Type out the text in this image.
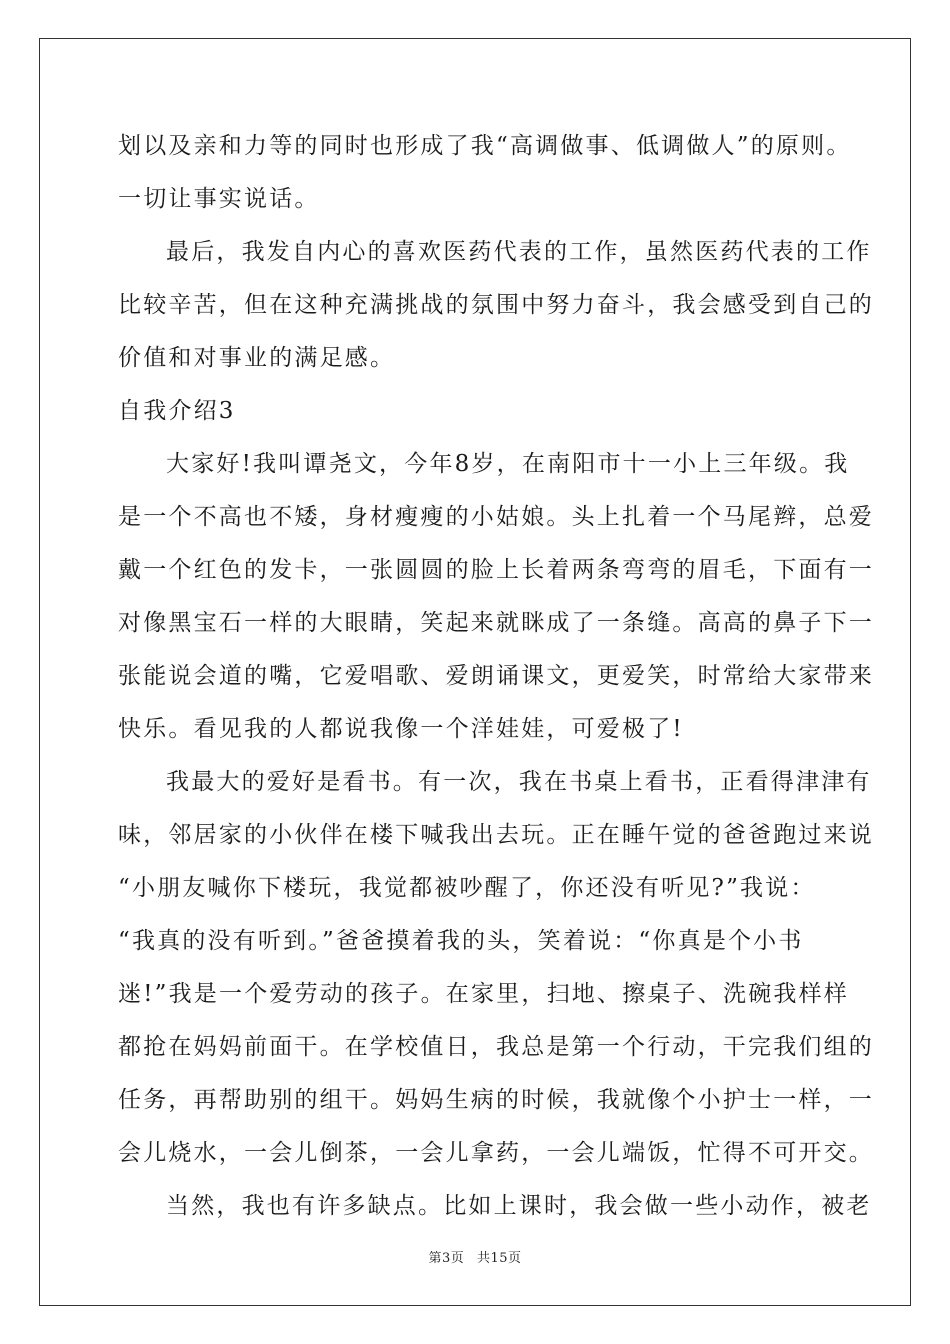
划以及亲和力等的同时也形成了我“高调做事、低调做人”的原则。
一切让事实说话。
最后，我发自内心的喜欢医药代表的工作，虽然医药代表的工作
比较辛苦，但在这种充满挑战的氛围中努力奋斗，我会感受到自己的
价值和对事业的满足感。
自我介绍3
大家好!我叫谭尧文，今年8岁，在南阳市十一小上三年级。我
是一个不高也不矮，身材瘦瘦的小姑娘。头上扎着一个马尾辫，总爱
戴一个红色的发卡，一张圆圆的脸上长着两条弯弯的眉毛，下面有一
对像黑宝石一样的大眼睛，笑起来就眯成了一条缝。高高的鼻子下一
张能说会道的嘴，它爱唱歌、爱朗诵课文，更爱笑，时常给大家带来
快乐。看见我的人都说我像一个洋娃娃，可爱极了!
我最大的爱好是看书。有一次，我在书桌上看书，正看得津津有
味，邻居家的小伙伴在楼下喊我出去玩。正在睡午觉的爸爸跑过来说
“小朋友喊你下楼玩，我觉都被吵醒了，你还没有听见?”我说：
“我真的没有听到。”爸爸摸着我的头，笑着说：“你真是个小书
迷!”我是一个爱劳动的孩子。在家里，扫地、擦桌子、洗碗我样样
都抢在妈妈前面干。在学校值日，我总是第一个行动，干完我们组的
任务，再帮助别的组干。妈妈生病的时候，我就像个小护士一样，一
会儿烧水，一会儿倒茶，一会儿拿药，一会儿端饭，忙得不可开交。
当然，我也有许多缺点。比如上课时，我会做一些小动作，被老
第3页 共15页
